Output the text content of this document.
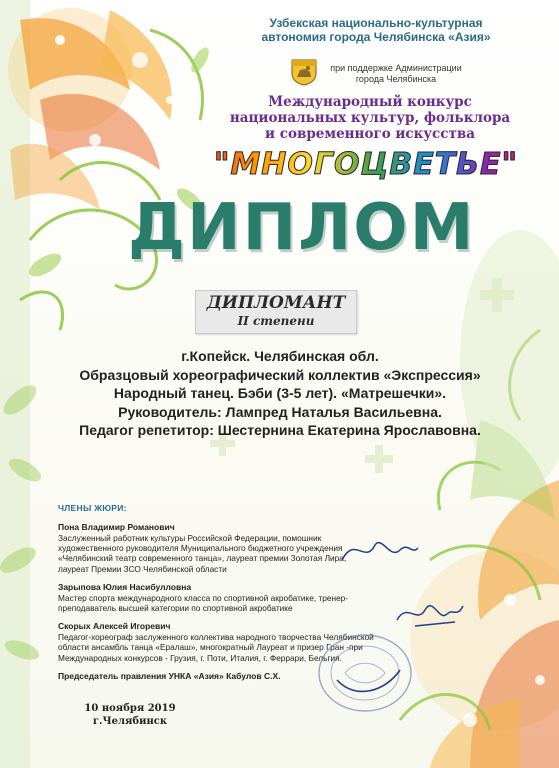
Узбекская национально-культурная
автономия города Челябинска «Азия»
при поддержке Администрации
города Челябинска
Международный конкурс
национальных культур, фольклора
и современного искусства
"МНОГОЦВЕТЬЕ"
ДИПЛОМ
ДИПЛОМАНТ
II степени
г.Копейск. Челябинская обл.
Образцовый хореографический коллектив «Экспрессия»
Народный танец. Бэби (3-5 лет). «Матрешечки».
Руководитель: Лампред Наталья Васильевна.
Педагог репетитор: Шестернина Екатерина Ярославовна.
ЧЛЕНЫ ЖЮРИ:
Пона Владимир Романович
Заслуженный работник культуры Российской Федерации, помошник
художественного руководителя Муниципального бюджетного учреждения
«Челябинский театр современного танца», лауреат премии Золотая Лира,
лауреат Премии ЗСО Челябинской области
Зарыпова Юлия Насибулловна
Мастер спорта международного класса по спортивной акробатике, тренер-
преподаватель высшей категории по спортивной акробатике
Скорых Алексей Игоревич
Педагог-хореограф заслуженного коллектива народного творчества Челябинской
области ансамбль танца «Ералаш», многократный Лауреат и призер Гран -при
Международных конкурсов - Грузия, г. Поти, Италия, г. Феррари, Бельгия.
Председатель правления УНКА «Азия» Кабулов С.Х.
10 ноября 2019
г.Челябинск
